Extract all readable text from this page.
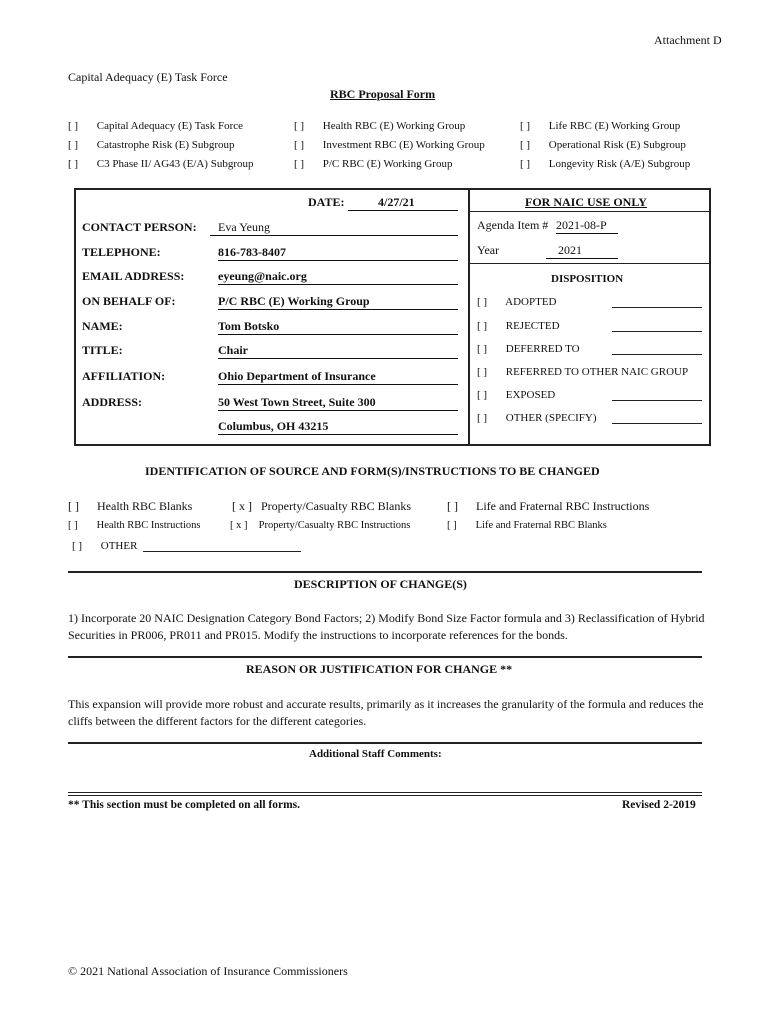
Attachment D
Capital Adequacy (E) Task Force
RBC Proposal Form
[ ] Capital Adequacy (E) Task Force	[ ] Health RBC (E) Working Group	[ ] Life RBC (E) Working Group
[ ] Catastrophe Risk (E) Subgroup	[ ] Investment RBC (E) Working Group	[ ] Operational Risk (E) Subgroup
[ ] C3 Phase II/ AG43 (E/A) Subgroup	[ ] P/C RBC (E) Working Group	[ ] Longevity Risk (A/E) Subgroup
DATE:	4/27/21
CONTACT PERSON:	Eva Yeung
TELEPHONE:	816-783-8407
EMAIL ADDRESS:	eyeung@naic.org
ON BEHALF OF:	P/C RBC (E) Working Group
NAME:	Tom Botsko
TITLE:	Chair
AFFILIATION:	Ohio Department of Insurance
ADDRESS:	50 West Town Street, Suite 300
Columbus, OH 43215
FOR NAIC USE ONLY
Agenda Item # 2021-08-P
Year	2021
DISPOSITION
[ ] ADOPTED
[ ] REJECTED
[ ] DEFERRED TO
[ ] REFERRED TO OTHER NAIC GROUP
[ ] EXPOSED
[ ] OTHER (SPECIFY)
IDENTIFICATION OF SOURCE AND FORM(S)/INSTRUCTIONS TO BE CHANGED
[ ] Health RBC Blanks	[ x ] Property/Casualty RBC Blanks	[ ] Life and Fraternal RBC Instructions
[ ] Health RBC Instructions	[ x ] Property/Casualty RBC Instructions	[ ] Life and Fraternal RBC Blanks
[ ] OTHER
DESCRIPTION OF CHANGE(S)
1) Incorporate 20 NAIC Designation Category Bond Factors; 2) Modify Bond Size Factor formula and 3) Reclassification of Hybrid Securities in PR006, PR011 and PR015. Modify the instructions to incorporate references for the bonds.
REASON OR JUSTIFICATION FOR CHANGE **
This expansion will provide more robust and accurate results, primarily as it increases the granularity of the formula and reduces the cliffs between the different factors for the different categories.
Additional Staff Comments:
** This section must be completed on all forms.	Revised 2-2019
© 2021 National Association of Insurance Commissioners
